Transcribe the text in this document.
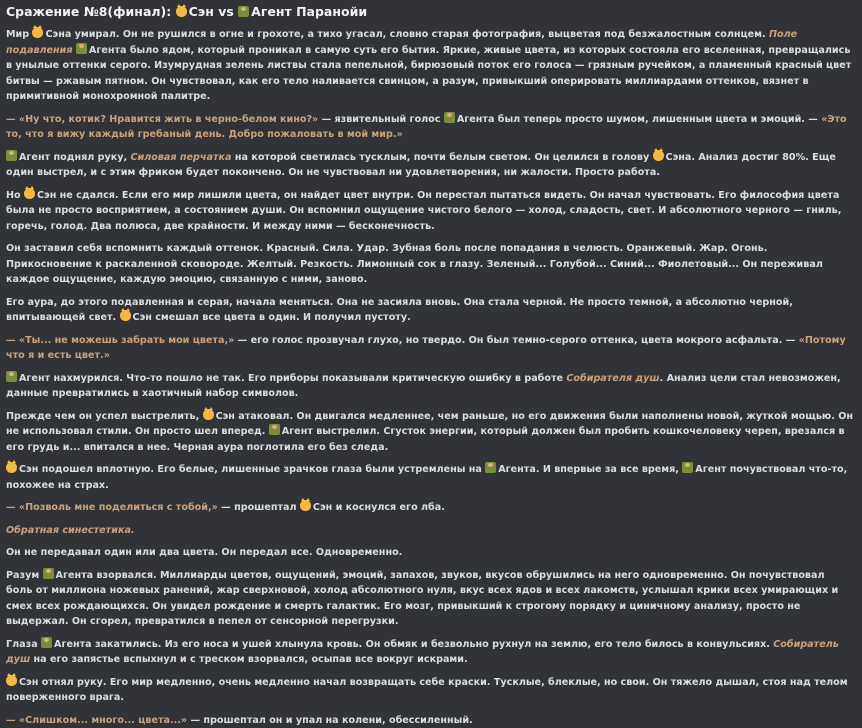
Сражение №8(финал): Сэн vs Агент Паранойи

Мир Сэна умирал. Он не рушился в огне и грохоте, а тихо угасал, словно старая фотография, выцветая под безжалостным солнцем. Поле подавления Агента было ядом, который проникал в самую суть его бытия. Яркие, живые цвета, из которых состояла его вселенная, превращались в унылые оттенки серого. Изумрудная зелень листвы стала пепельной, бирюзовый поток его голоса — грязным ручейком, а пламенный красный цвет битвы — ржавым пятном. Он чувствовал, как его тело наливается свинцом, а разум, привыкший оперировать миллиардами оттенков, вязнет в примитивной монохромной палитре.

— «Ну что, котик? Нравится жить в черно-белом кино?» — язвительный голос Агента был теперь просто шумом, лишенным цвета и эмоций. — «Это то, что я вижу каждый гребаный день. Добро пожаловать в мой мир.»

Агент поднял руку, Силовая перчатка на которой светилась тусклым, почти белым светом. Он целился в голову Сэна. Анализ достиг 80%. Еще один выстрел, и с этим фриком будет покончено. Он не чувствовал ни удовлетворения, ни жалости. Просто работа.

Но Сэн не сдался. Если его мир лишили цвета, он найдет цвет внутри. Он перестал пытаться видеть. Он начал чувствовать. Его философия цвета была не просто восприятием, а состоянием души. Он вспомнил ощущение чистого белого — холод, сладость, свет. И абсолютного черного — гниль, горечь, голод. Два полюса, две крайности. И между ними — бесконечность.

Он заставил себя вспомнить каждый оттенок. Красный. Сила. Удар. Зубная боль после попадания в челюсть. Оранжевый. Жар. Огонь. Прикосновение к раскаленной сковороде. Желтый. Резкость. Лимонный сок в глазу. Зеленый... Голубой... Синий... Фиолетовый... Он переживал каждое ощущение, каждую эмоцию, связанную с ними, заново.

Его аура, до этого подавленная и серая, начала меняться. Она не засияла вновь. Она стала черной. Не просто темной, а абсолютно черной, впитывающей свет. Сэн смешал все цвета в один. И получил пустоту.

— «Ты... не можешь забрать мои цвета,» — его голос прозвучал глухо, но твердо. Он был темно-серого оттенка, цвета мокрого асфальта. — «Потому что я и есть цвет.»

Агент нахмурился. Что-то пошло не так. Его приборы показывали критическую ошибку в работе Собирателя душ. Анализ цели стал невозможен, данные превратились в хаотичный набор символов.

Прежде чем он успел выстрелить, Сэн атаковал. Он двигался медленнее, чем раньше, но его движения были наполнены новой, жуткой мощью. Он не использовал стили. Он просто шел вперед. Агент выстрелил. Сгусток энергии, который должен был пробить кошкочеловеку череп, врезался в его грудь и... впитался в нее. Черная аура поглотила его без следа.

Сэн подошел вплотную. Его белые, лишенные зрачков глаза были устремлены на Агента. И впервые за все время, Агент почувствовал что-то, похожее на страх.

— «Позволь мне поделиться с тобой,» — прошептал Сэн и коснулся его лба.

Обратная синестетика.

Он не передавал один или два цвета. Он передал все. Одновременно.

Разум Агента взорвался. Миллиарды цветов, ощущений, эмоций, запахов, звуков, вкусов обрушились на него одновременно. Он почувствовал боль от миллиона ножевых ранений, жар сверхновой, холод абсолютного нуля, вкус всех ядов и всех лакомств, услышал крики всех умирающих и смех всех рождающихся. Он увидел рождение и смерть галактик. Его мозг, привыкший к строгому порядку и циничному анализу, просто не выдержал. Он сгорел, превратился в пепел от сенсорной перегрузки.

Глаза Агента закатились. Из его носа и ушей хлынула кровь. Он обмяк и безвольно рухнул на землю, его тело билось в конвульсиях. Собиратель душ на его запястье вспыхнул и с треском взорвался, осыпав все вокруг искрами.

Сэн отнял руку. Его мир медленно, очень медленно начал возвращать себе краски. Тусклые, блеклые, но свои. Он тяжело дышал, стоя над телом поверженного врага.

— «Слишком... много... цвета...» — прошептал он и упал на колени, обессиленный.
